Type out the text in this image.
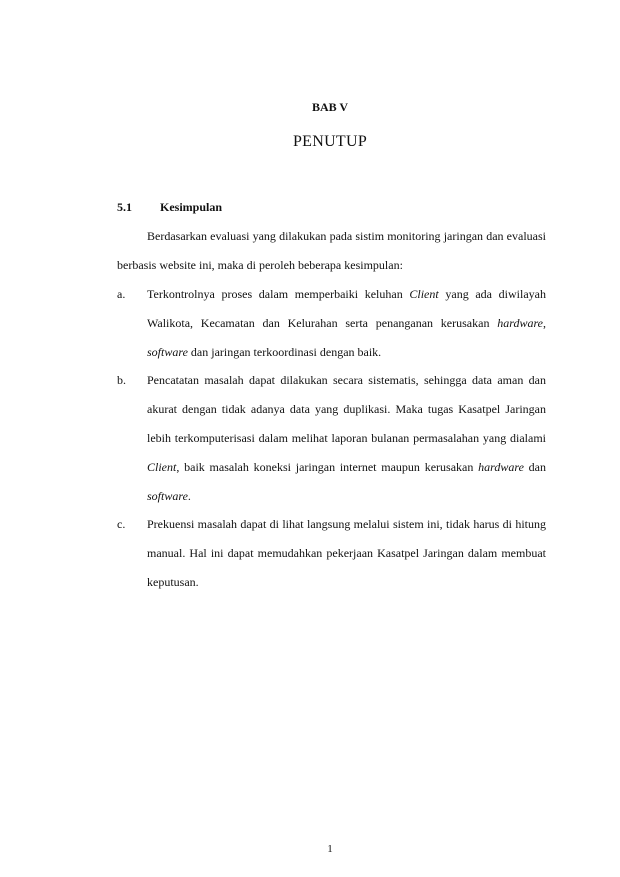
BAB V
PENUTUP
5.1 Kesimpulan
Berdasarkan evaluasi yang dilakukan pada sistim monitoring jaringan dan evaluasi berbasis website ini, maka di peroleh beberapa kesimpulan:
a. Terkontrolnya proses dalam memperbaiki keluhan Client yang ada diwilayah Walikota, Kecamatan dan Kelurahan serta penanganan kerusakan hardware, software dan jaringan terkoordinasi dengan baik.
b. Pencatatan masalah dapat dilakukan secara sistematis, sehingga data aman dan akurat dengan tidak adanya data yang duplikasi. Maka tugas Kasatpel Jaringan lebih terkomputerisasi dalam melihat laporan bulanan permasalahan yang dialami Client, baik masalah koneksi jaringan internet maupun kerusakan hardware dan software.
c. Prekuensi masalah dapat di lihat langsung melalui sistem ini, tidak harus di hitung manual. Hal ini dapat memudahkan pekerjaan Kasatpel Jaringan dalam membuat keputusan.
1
